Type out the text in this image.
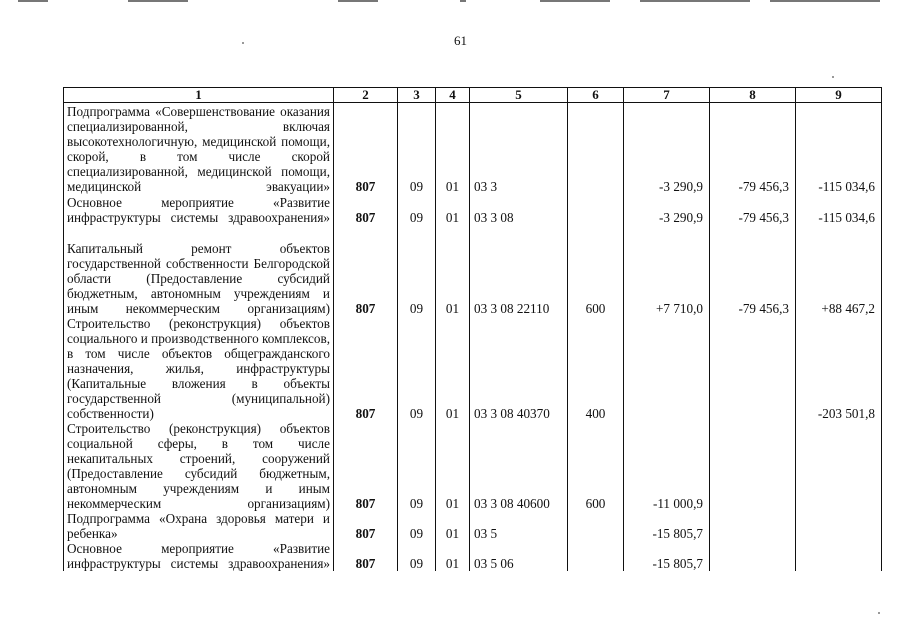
61
1	2	3	4	5	6	7	8	9
Подпрограмма «Совершенствование оказания специализированной, включая высокотехнологичную, медицинской помощи, скорой, в том числе скорой специализированной, медицинской помощи, медицинской эвакуации»	807	09	01	03 3		-3 290,9	-79 456,3	-115 034,6
Основное мероприятие «Развитие инфраструктуры системы здравоохранения»	807	09	01	03 3 08		-3 290,9	-79 456,3	-115 034,6
Капитальный ремонт объектов государственной собственности Белгородской области (Предоставление субсидий бюджетным, автономным учреждениям и иным некоммерческим организациям)	807	09	01	03 3 08 22110	600	+7 710,0	-79 456,3	+88 467,2
Строительство (реконструкция) объектов социального и производственного комплексов, в том числе объектов общегражданского назначения, жилья, инфраструктуры (Капитальные вложения в объекты государственной (муниципальной) собственности)	807	09	01	03 3 08 40370	400			-203 501,8
Строительство (реконструкция) объектов социальной сферы, в том числе некапитальных строений, сооружений (Предоставление субсидий бюджетным, автономным учреждениям и иным некоммерческим организациям)	807	09	01	03 3 08 40600	600	-11 000,9		
Подпрограмма «Охрана здоровья матери и ребенка»	807	09	01	03 5		-15 805,7		
Основное мероприятие «Развитие инфраструктуры системы здравоохранения»	807	09	01	03 5 06		-15 805,7		
